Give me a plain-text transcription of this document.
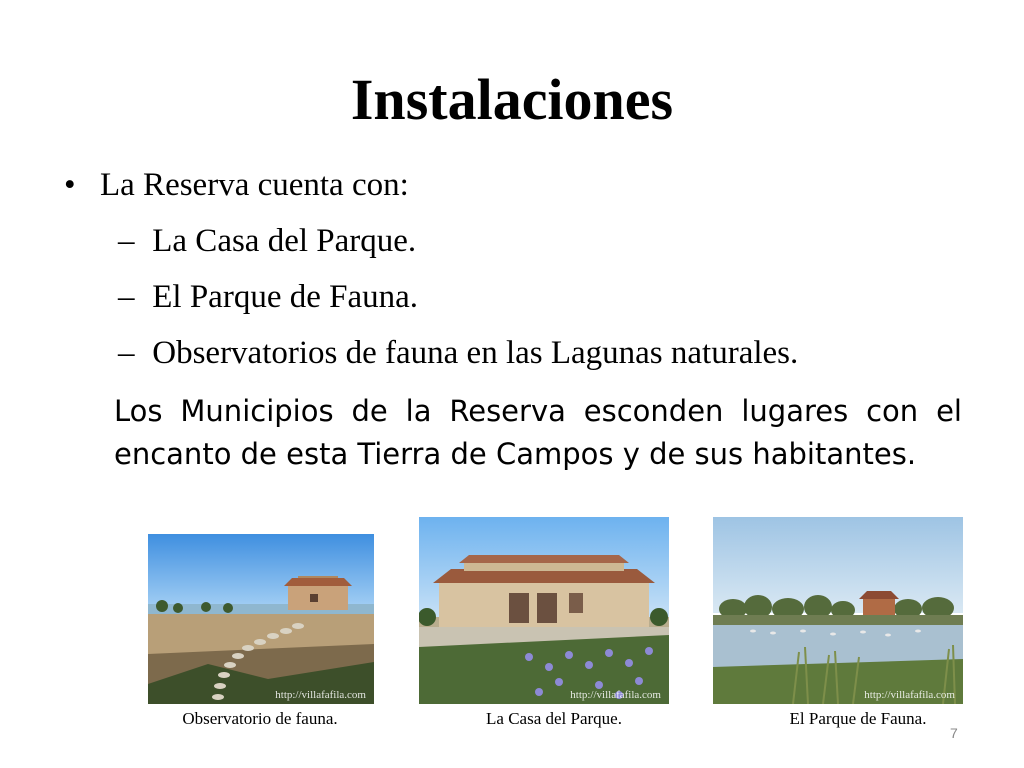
Instalaciones
• La Reserva cuenta con:
– La Casa del Parque.
– El Parque de Fauna.
– Observatorios de fauna en las Lagunas naturales.
Los Municipios de la Reserva esconden lugares con el encanto de esta Tierra de Campos y de sus habitantes.
http://villafafila.com	http://villafafila.com	http://villafafila.com
Observatorio de fauna.	La Casa del Parque.	El Parque de Fauna.
7
